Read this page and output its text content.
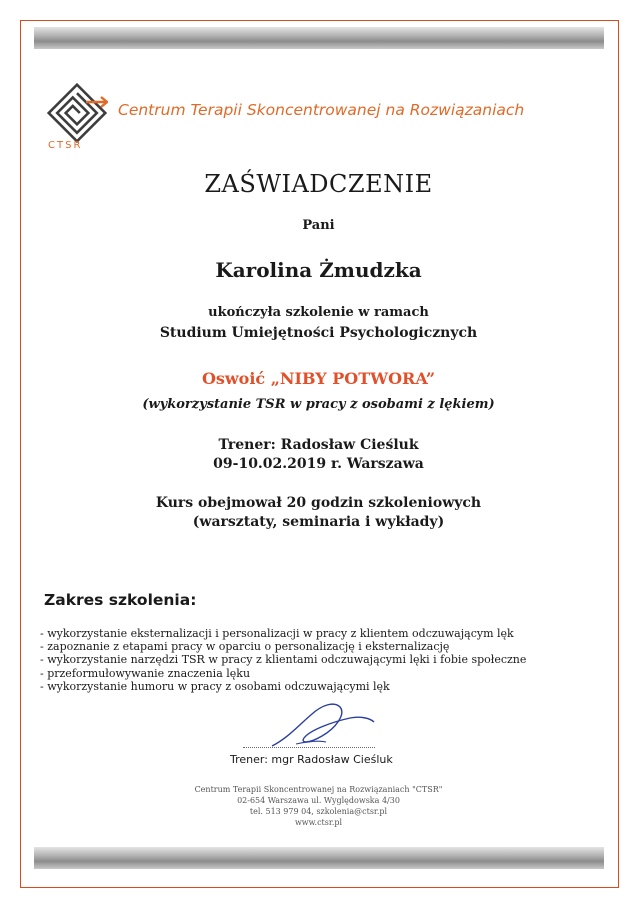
CTSR
Centrum Terapii Skoncentrowanej na Rozwiązaniach
ZAŚWIADCZENIE
Pani
Karolina Żmudzka
ukończyła szkolenie w ramach
Studium Umiejętności Psychologicznych
Oswoić „NIBY POTWORA”
(wykorzystanie TSR w pracy z osobami z lękiem)
Trener: Radosław Cieśluk
09-10.02.2019 r. Warszawa
Kurs obejmował 20 godzin szkoleniowych
(warsztaty, seminaria i wykłady)
Zakres szkolenia:
- wykorzystanie eksternalizacji i personalizacji w pracy z klientem odczuwającym lęk
- zapoznanie z etapami pracy w oparciu o personalizację i eksternalizację
- wykorzystanie narzędzi TSR w pracy z klientami odczuwającymi lęki i fobie społeczne
- przeformułowywanie znaczenia lęku
- wykorzystanie humoru w pracy z osobami odczuwającymi lęk
Trener: mgr Radosław Cieśluk
Centrum Terapii Skoncentrowanej na Rozwiązaniach "CTSR"
02-654 Warszawa ul. Wyględowska 4/30
tel. 513 979 04, szkolenia@ctsr.pl
www.ctsr.pl
